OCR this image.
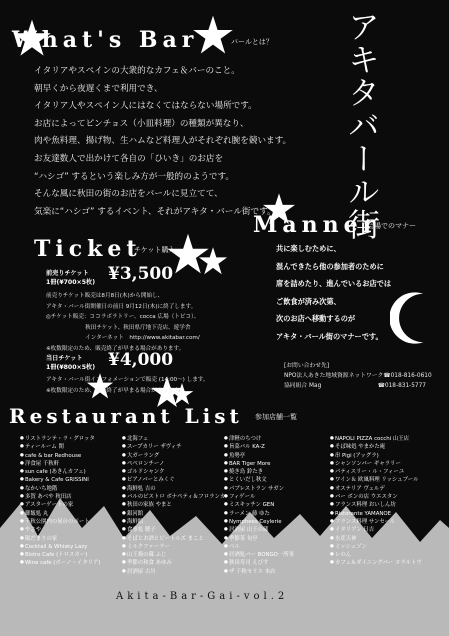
What's Bar	バールとは？
イタリアやスペインの大衆的なカフェ＆バーのこと。
朝早くから夜遅くまで利用でき、
イタリア人やスペイン人にはなくてはならない場所です。
お店によってピンチョス（小皿料理）の種類が異なり、
肉や魚料理、揚げ物、生ハムなど料理人がそれぞれ腕を競います。
お友達数人で出かけて各自の「ひいき」のお店を
“ハシゴ” するという楽しみ方が一般的のようです。
そんな風に秋田の街のお店をバールに見立てて、
気楽に“ハシゴ” するイベント、それがアキタ・バール街です。	アキタバール街
Manner
会場でのマナー
共に楽しむために、
混んできたら他の参加者のために
席を詰めたり、進んでいるお店では
ご飲食が済み次第、
次のお店へ移動するのが
アキタ・バール街のマナーです。
Ticket
チケット購入
前売りチケット
1冊(¥700×5枚) ¥3,500
前売りチケット販売は8月8日(木)から開始し、
アキタ・バール街開催日の前日 9月12日(木)に終了します。
◎チケット販売：ココラボラトリー、cocca 広場（トピコ）、
　　　　　　　秋田チケット、秋田県庁地下売店、遊学舎
　　　　　　　インターネット　http://www.akitabar.com/
※枚数限定のため、販売終了が早まる場合があります。
当日チケット
1冊(¥800×5枚) ¥4,000
アキタ・バール街インフォメーションで販売 (14:00〜) します。
※枚数限定のため、販売終了が早まる場合があります。
[お問い合わせ先]
NPO法人あきた地域資源ネットワーク ☎018-816-0610
協同組合 Mag	☎018-831-5777
Restaurant List 参加店舗一覧
● リストランテ・ラ・グロッタ
● ティールーム 閑
● cafe & bar Redhouse
● 洋食屋 千秋軒
● sun cafe (あきんカフェ)
● Bakery & Cafe GRISSINI
● なかいち地階
● 多賀 あべや 秋田店
● アスターゲートの家
● 御飯処 丸
● 千秋公園内の屋台のポート
● やさや
● 陽だまりの家
● Cocktail & Whisky Lazy
● Bistro Cafe (トロスカー)
● Wine cafe (ボーノ・イタリア)
● 北海フェ
● スープカリー ザヴィチ
● 大ガーラング
● ペペロンチーノ
● ゴルドシャンク
● ピアノバーとみくぐ
● 海鮮処 吉の
● バルのビストロ ボナペティ＆フロランカ
● 秋田の家族 やまと
● 銀河館
● 海鮮館
● 食事処 穂子
● そばとお酒とビートルズ まこと
● ミルクファーラー
● 山王鶏の蔵 ふじ
● 季節の和食 あゆみ
● 居酒屋 古川
● 津軽のちつけ
● 旨菜バル KA-Z
● 魚勢亭
● BAR Tiger More
● 焼き鳥 鈴たき
● とくいだし秋文
● パブレストラン サガン
● フィゲール
● ミスキッチン GEN
● ラーメン 藤 ゆた
● Nymphees Ceylerie
● 居酒屋 山王の蔵
● 季節茶 旬亭
● ベル
● 居酒処バー BONGO一所事
● 秋田寿司 えびす
● ザ 千秋セリエ 本店
● NAPOLI PIZZA cocchi 山王店
● そば味処 やまかた庵
● 串 Pigi (アッグラ)
● シャンソンバー ギャラリー
● パティスリー・ル・フィーユ
● ワイン＆ 欧風料理 リッシュブール
● オステリア ヴェルデ
● バー ボンの店 ウエスタン
● フランス料理 おいしん坊
● Ristorante YAMANOE
● フランス料理 サンセール
● イタリアン 日吉
● 水産天神
● ミッシェゾン
● レのん
● カフェ＆ダイニングバー ヌラルトウ
Akita-Bar-Gai-vol.2
